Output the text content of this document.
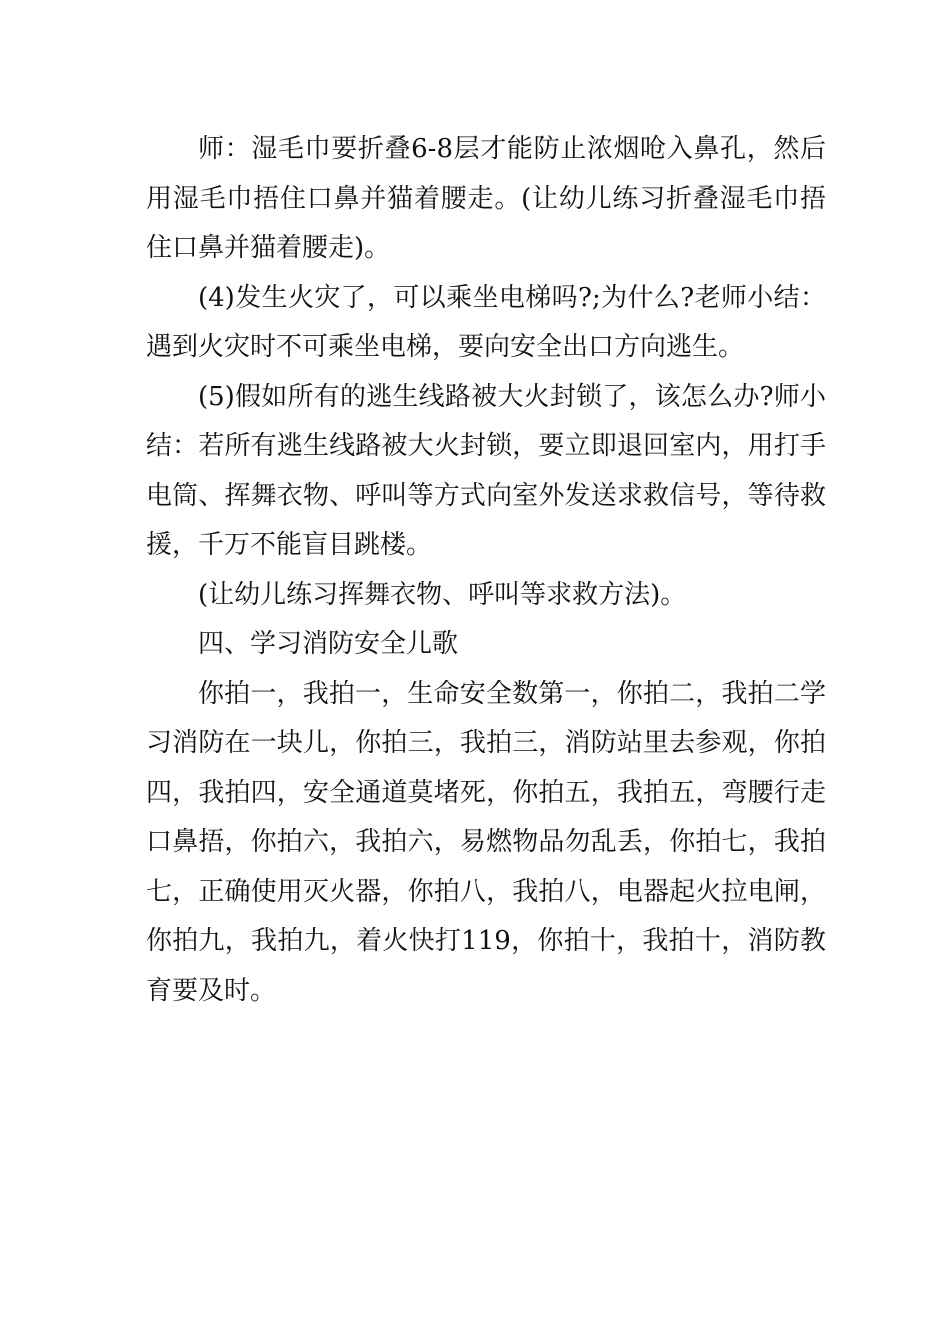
师：湿毛巾要折叠6-8层才能防止浓烟呛入鼻孔，然后用湿毛巾捂住口鼻并猫着腰走。(让幼儿练习折叠湿毛巾捂住口鼻并猫着腰走)。

(4)发生火灾了，可以乘坐电梯吗?;为什么?老师小结：遇到火灾时不可乘坐电梯，要向安全出口方向逃生。

(5)假如所有的逃生线路被大火封锁了，该怎么办?师小结：若所有逃生线路被大火封锁，要立即退回室内，用打手电筒、挥舞衣物、呼叫等方式向室外发送求救信号，等待救援，千万不能盲目跳楼。

(让幼儿练习挥舞衣物、呼叫等求救方法)。

四、学习消防安全儿歌

你拍一，我拍一，生命安全数第一，你拍二，我拍二学习消防在一块儿，你拍三，我拍三，消防站里去参观，你拍四，我拍四，安全通道莫堵死，你拍五，我拍五，弯腰行走口鼻捂，你拍六，我拍六，易燃物品勿乱丢，你拍七，我拍七，正确使用灭火器，你拍八，我拍八，电器起火拉电闸，你拍九，我拍九，着火快打119，你拍十，我拍十，消防教育要及时。
